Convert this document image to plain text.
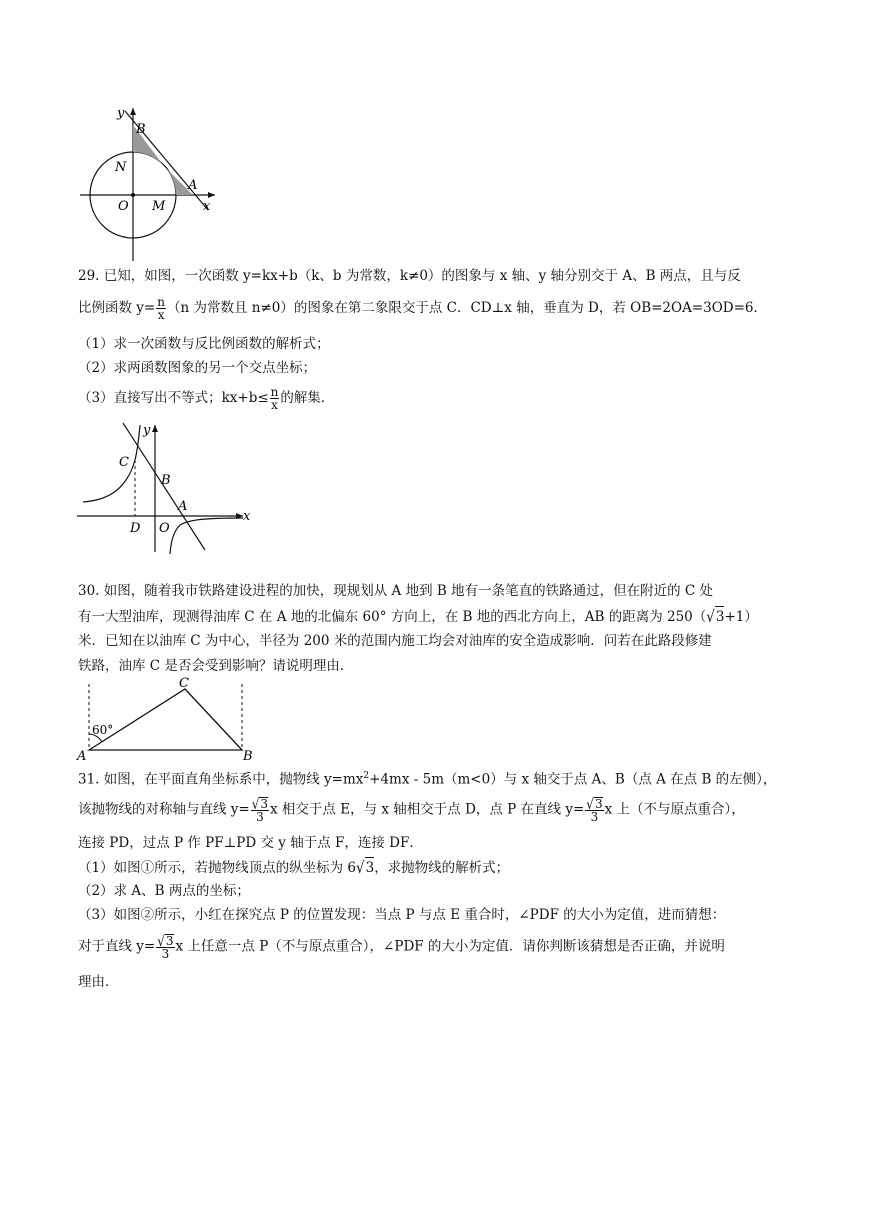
y
B
N
A
x
O M
29. 已知，如图，一次函数 y=kx+b（k、b 为常数，k≠0）的图象与 x 轴、y 轴分别交于 A、B 两点，且与反
比例函数 $y= \frac{n}{x} (n$ 为常数且 n≠0）的图象在第二象限交于点 C．CD⊥x 轴，垂直为 D，若 OB=2OA=3OD=6．
（1）求一次函数与反比例函数的解析式；
（2）求两函数图象的另一个交点坐标；
（3）直接写出不等式；$kx+b\le \frac{n}{x}$ 的解集．
y
C
B
A
x
D O
30. 如图，随着我市铁路建设进程的加快，现规划从 A 地到 B 地有一条笔直的铁路通过，但在附近的 C 处
有一大型油库，现测得油库 C 在 A 地的北偏东 60° 方向上，在 B 地的西北方向上，AB 的距离为 250（√3+1）
米．已知在以油库 C 为中心，半径为 200 米的范围内施工均会对油库的安全造成影响．问若在此路段修建
铁路，油库 C 是否会受到影响？请说明理由．
C
A	B
60°
31. 如图，在平面直角坐标系中，抛物线 $y=mx^2+4mx - 5m(m<0)$与 x 轴交于点 A、B（点 A 在点 B 的左侧），
该抛物线的对称轴与直线 $y= \frac{√3}{3}$ x 相交于点 E，与 x 轴相交于点 D，点 P 在直线 $y= \frac{√3}{3}$ x 上（不与原点重合），
连接 PD，过点 P 作 PF⊥PD 交 y 轴于点 F，连接 DF．
（1）如图①所示，若抛物线顶点的纵坐标为 6√3，求抛物线的解析式；
（2）求 A、B 两点的坐标；
（3）如图②所示，小红在探究点 P 的位置发现：当点 P 与点 E 重合时，∠PDF 的大小为定值，进而猜想：
对于直线 $y= \frac{√3}{3}$ x 上任意一点 P（不与原点重合），∠PDF 的大小为定值．请你判断该猜想是否正确，并说明
理由．
